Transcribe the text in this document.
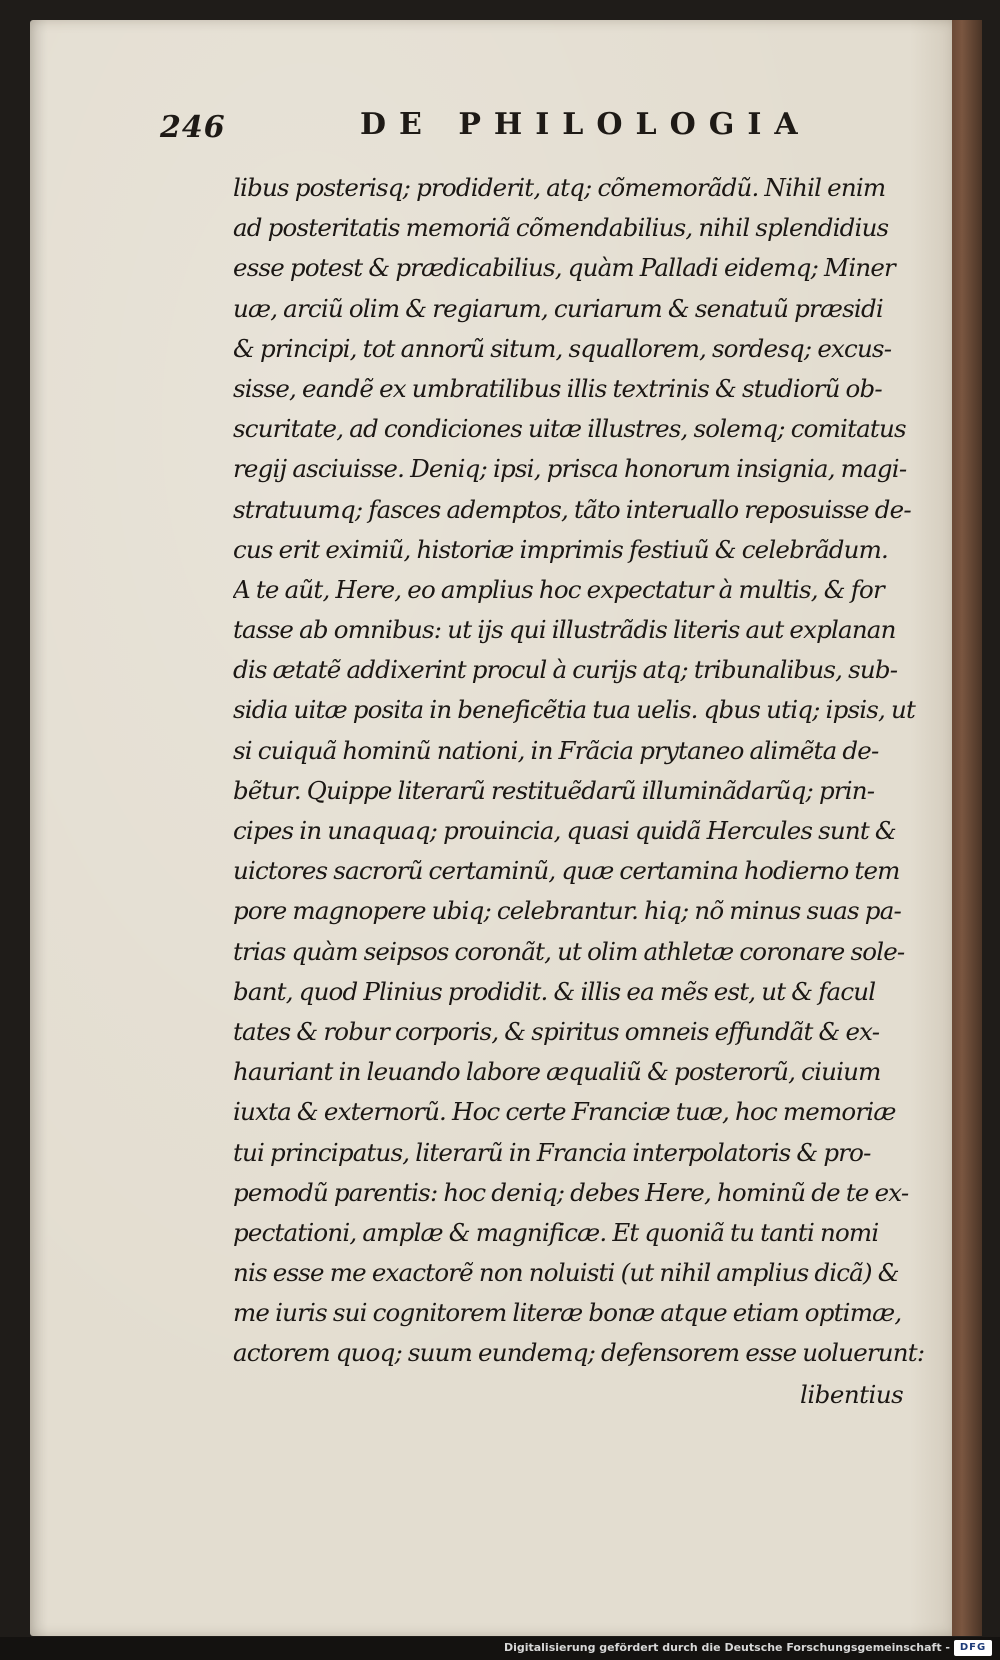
246	DE PHILOLOGIA
libus posterisq; prodiderit, atq; cõmemorãdũ. Nihil enim
ad posteritatis memoriã cõmendabilius, nihil splendidius
esse potest & prædicabilius, quàm Palladi eidemq; Miner
uæ, arciũ olim & regiarum, curiarum & senatuũ præsidi
& principi, tot annorũ situm, squallorem, sordesq; excus-
sisse, eandẽ ex umbratilibus illis textrinis & studiorũ ob-
scuritate, ad condiciones uitæ illustres, solemq; comitatus
regij asciuisse. Deniq; ipsi, prisca honorum insignia, magi-
stratuumq; fasces ademptos, tãto interuallo reposuisse de-
cus erit eximiũ, historiæ imprimis festiuũ & celebrãdum.
A te aũt, Here, eo amplius hoc expectatur à multis, & for
tasse ab omnibus: ut ijs qui illustrãdis literis aut explanan
dis ætatẽ addixerint procul à curijs atq; tribunalibus, sub-
sidia uitæ posita in beneficẽtia tua uelis. qbus utiq; ipsis, ut
si cuiquã hominũ nationi, in Frãcia prytaneo alimẽta de-
bẽtur. Quippe literarũ restituẽdarũ illuminãdarũq; prin-
cipes in unaquaq; prouincia, quasi quidã Hercules sunt &
uictores sacrorũ certaminũ, quæ certamina hodierno tem
pore magnopere ubiq; celebrantur. hiq; nõ minus suas pa-
trias quàm seipsos coronãt, ut olim athletæ coronare sole-
bant, quod Plinius prodidit. & illis ea mẽs est, ut & facul
tates & robur corporis, & spiritus omneis effundãt & ex-
hauriant in leuando labore æqualiũ & posterorũ, ciuium
iuxta & externorũ. Hoc certe Franciæ tuæ, hoc memoriæ
tui principatus, literarũ in Francia interpolatoris & pro-
pemodũ parentis: hoc deniq; debes Here, hominũ de te ex-
pectationi, amplæ & magnificæ. Et quoniã tu tanti nomi
nis esse me exactorẽ non noluisti (ut nihil amplius dicã) &
me iuris sui cognitorem literæ bonæ atque etiam optimæ,
actorem quoq; suum eundemq; defensorem esse uoluerunt:
libentius
Digitalisierung gefördert durch die Deutsche Forschungsgemeinschaft - DFG
